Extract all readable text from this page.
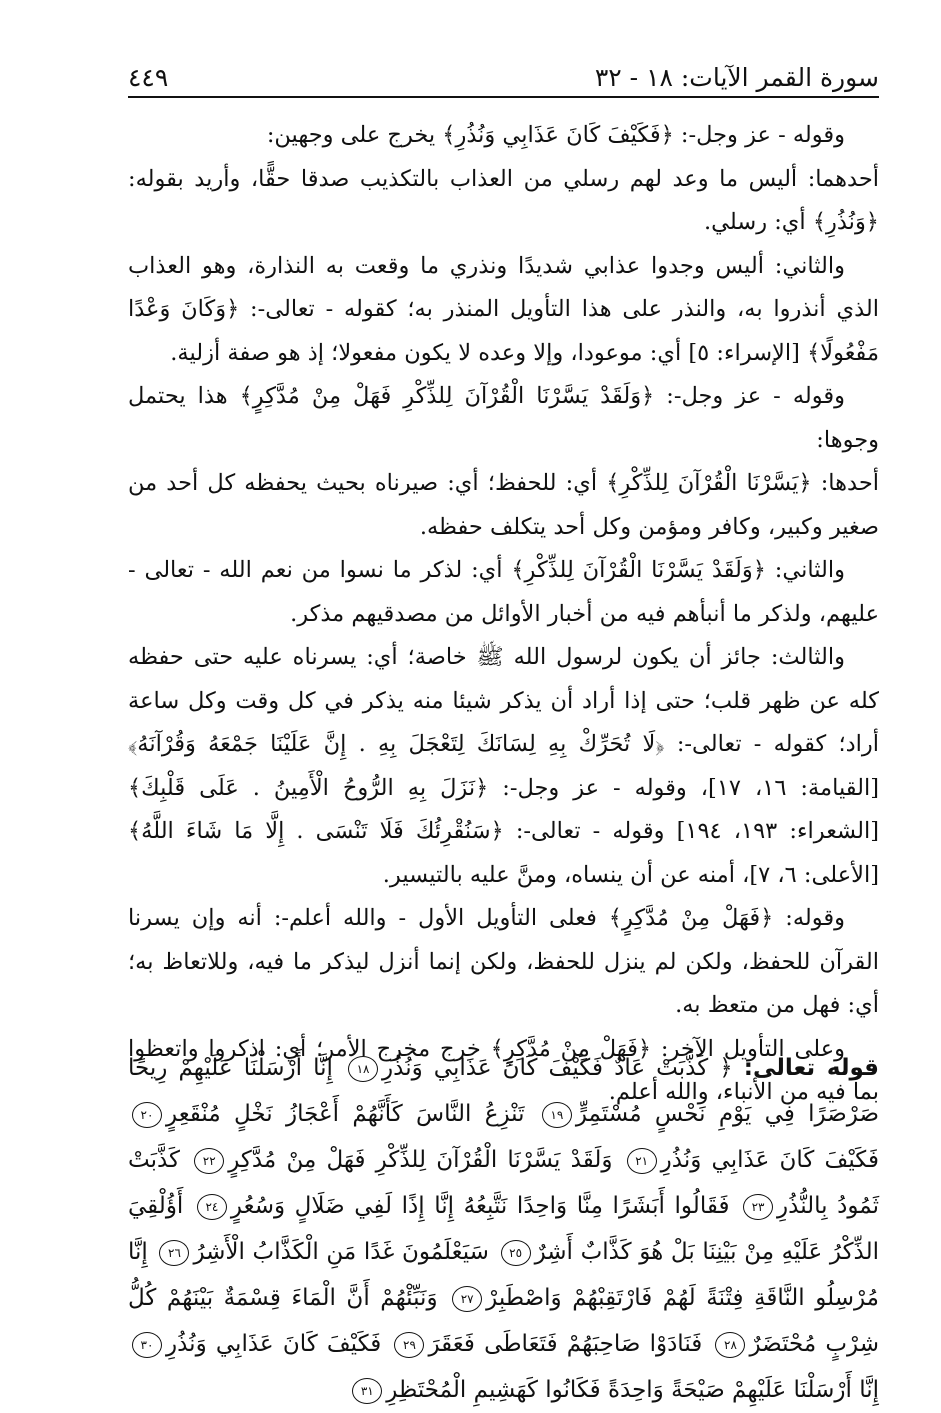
٤٤٩	سورة القمر الآيات: ١٨ - ٣٢

وقوله - عز وجل-: ﴿فَكَيْفَ كَانَ عَذَابِي وَنُذُرِ﴾ يخرج على وجهين:

أحدهما: أليس ما وعد لهم رسلي من العذاب بالتكذيب صدقا حقًّا، وأريد بقوله: ﴿وَنُذُرِ﴾ أي: رسلي.

والثاني: أليس وجدوا عذابي شديدًا ونذري ما وقعت به النذارة، وهو العذاب الذي أنذروا به، والنذر على هذا التأويل المنذر به؛ كقوله - تعالى-: ﴿وَكَانَ وَعْدًا مَفْعُولًا﴾ [الإسراء: ٥] أي: موعودا، وإلا وعده لا يكون مفعولا؛ إذ هو صفة أزلية.

وقوله - عز وجل-: ﴿وَلَقَدْ يَسَّرْنَا الْقُرْآنَ لِلذِّكْرِ فَهَلْ مِنْ مُدَّكِرٍ﴾ هذا يحتمل وجوها:

أحدها: ﴿يَسَّرْنَا الْقُرْآنَ لِلذِّكْرِ﴾ أي: للحفظ؛ أي: صيرناه بحيث يحفظه كل أحد من صغير وكبير، وكافر ومؤمن وكل أحد يتكلف حفظه.

والثاني: ﴿وَلَقَدْ يَسَّرْنَا الْقُرْآنَ لِلذِّكْرِ﴾ أي: لذكر ما نسوا من نعم الله - تعالى - عليهم، ولذكر ما أنبأهم فيه من أخبار الأوائل من مصدقيهم مذكر.

والثالث: جائز أن يكون لرسول الله ﷺ خاصة؛ أي: يسرناه عليه حتى حفظه كله عن ظهر قلب؛ حتى إذا أراد أن يذكر شيئا منه يذكر في كل وقت وكل ساعة أراد؛ كقوله - تعالى-: ﴿لَا تُحَرِّكْ بِهِ لِسَانَكَ لِتَعْجَلَ بِهِ . إِنَّ عَلَيْنَا جَمْعَهُ وَقُرْآنَهُ﴾ [القيامة: ١٦، ١٧]، وقوله - عز وجل-: ﴿نَزَلَ بِهِ الرُّوحُ الْأَمِينُ . عَلَى قَلْبِكَ﴾ [الشعراء: ١٩٣، ١٩٤] وقوله - تعالى-: ﴿سَنُقْرِئُكَ فَلَا تَنْسَى . إِلَّا مَا شَاءَ اللَّهُ﴾ [الأعلى: ٦، ٧]، أمنه عن أن ينساه، ومنَّ عليه بالتيسير.

وقوله: ﴿فَهَلْ مِنْ مُدَّكِرٍ﴾ فعلى التأويل الأول - والله أعلم-: أنه وإن يسرنا القرآن للحفظ، ولكن لم ينزل للحفظ، ولكن إنما أنزل ليذكر ما فيه، وللاتعاظ به؛ أي: فهل من متعظ به.

وعلى التأويل الآخر: ﴿فَهَلْ مِنْ مُدَّكِرٍ﴾ خرج مخرج الأمر؛ أي: اذكروا واتعظوا بما فيه من الأنباء، والله أعلم.

قوله تعالى: ﴿ كَذَّبَتْ عَادٌ فَكَيْفَ كَانَ عَذَابِي وَنُذُرِ١٨ إِنَّا أَرْسَلْنَا عَلَيْهِمْ رِيحًا صَرْصَرًا فِي يَوْمِ نَحْسٍ مُسْتَمِرٍّ١٩ تَنْزِعُ النَّاسَ كَأَنَّهُمْ أَعْجَازُ نَخْلٍ مُنْقَعِرٍ٢٠ فَكَيْفَ كَانَ عَذَابِي وَنُذُرِ٢١ وَلَقَدْ يَسَّرْنَا الْقُرْآنَ لِلذِّكْرِ فَهَلْ مِنْ مُدَّكِرٍ٢٢ كَذَّبَتْ ثَمُودُ بِالنُّذُرِ٢٣ فَقَالُوا أَبَشَرًا مِنَّا وَاحِدًا نَتَّبِعُهُ إِنَّا إِذًا لَفِي ضَلَالٍ وَسُعُرٍ٢٤ أَؤُلْقِيَ الذِّكْرُ عَلَيْهِ مِنْ بَيْنِنَا بَلْ هُوَ كَذَّابٌ أَشِرٌ٢٥ سَيَعْلَمُونَ غَدًا مَنِ الْكَذَّابُ الْأَشِرُ٢٦ إِنَّا مُرْسِلُو النَّاقَةِ فِتْنَةً لَهُمْ فَارْتَقِبْهُمْ وَاصْطَبِرْ٢٧ وَنَبِّئْهُمْ أَنَّ الْمَاءَ قِسْمَةٌ بَيْنَهُمْ كُلُّ شِرْبٍ مُحْتَضَرٌ٢٨ فَنَادَوْا صَاحِبَهُمْ فَتَعَاطَى فَعَقَرَ٢٩ فَكَيْفَ كَانَ عَذَابِي وَنُذُرِ٣٠ إِنَّا أَرْسَلْنَا عَلَيْهِمْ صَيْحَةً وَاحِدَةً فَكَانُوا كَهَشِيمِ الْمُحْتَظِرِ٣١
